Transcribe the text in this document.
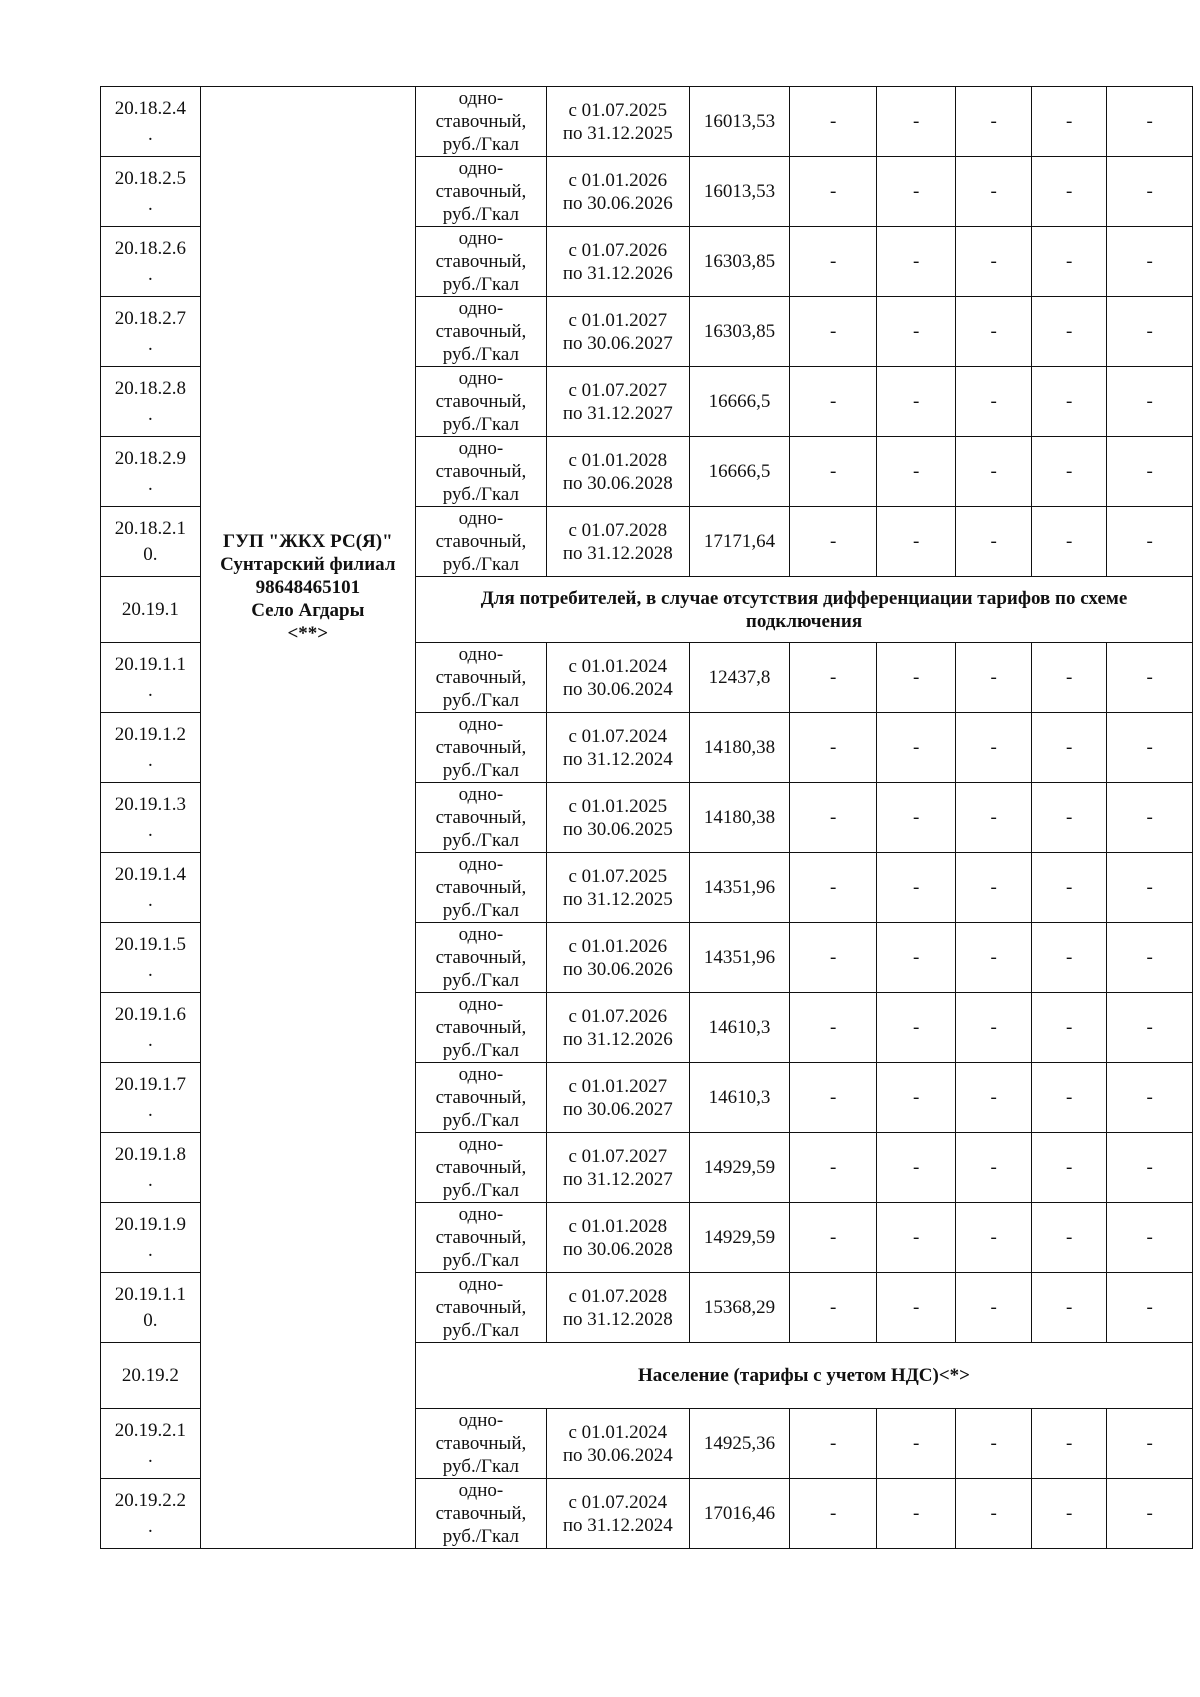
20.18.2.4
.	ГУП "ЖКХ РС(Я)"
Сунтарский филиал
98648465101
Село Агдары
<**>	одно-
ставочный,
руб./Гкал	с 01.07.2025
по 31.12.2025	16013,53	-	-	-	-	-

20.18.2.5
.		одно-
ставочный,
руб./Гкал	с 01.01.2026
по 30.06.2026	16013,53	-	-	-	-	-

20.18.2.6
.		одно-
ставочный,
руб./Гкал	с 01.07.2026
по 31.12.2026	16303,85	-	-	-	-	-

20.18.2.7
.		одно-
ставочный,
руб./Гкал	с 01.01.2027
по 30.06.2027	16303,85	-	-	-	-	-

20.18.2.8
.		одно-
ставочный,
руб./Гкал	с 01.07.2027
по 31.12.2027	16666,5	-	-	-	-	-

20.18.2.9
.		одно-
ставочный,
руб./Гкал	с 01.01.2028
по 30.06.2028	16666,5	-	-	-	-	-

20.18.2.1
0.		одно-
ставочный,
руб./Гкал	с 01.07.2028
по 31.12.2028	17171,64	-	-	-	-	-

20.19.1		Для потребителей, в случае отсутствия дифференциации тарифов по схеме
подключения							

20.19.1.1
.		одно-
ставочный,
руб./Гкал	с 01.01.2024
по 30.06.2024	12437,8	-	-	-	-	-

20.19.1.2
.		одно-
ставочный,
руб./Гкал	с 01.07.2024
по 31.12.2024	14180,38	-	-	-	-	-

20.19.1.3
.		одно-
ставочный,
руб./Гкал	с 01.01.2025
по 30.06.2025	14180,38	-	-	-	-	-

20.19.1.4
.		одно-
ставочный,
руб./Гкал	с 01.07.2025
по 31.12.2025	14351,96	-	-	-	-	-

20.19.1.5
.		одно-
ставочный,
руб./Гкал	с 01.01.2026
по 30.06.2026	14351,96	-	-	-	-	-

20.19.1.6
.		одно-
ставочный,
руб./Гкал	с 01.07.2026
по 31.12.2026	14610,3	-	-	-	-	-

20.19.1.7
.		одно-
ставочный,
руб./Гкал	с 01.01.2027
по 30.06.2027	14610,3	-	-	-	-	-

20.19.1.8
.		одно-
ставочный,
руб./Гкал	с 01.07.2027
по 31.12.2027	14929,59	-	-	-	-	-

20.19.1.9
.		одно-
ставочный,
руб./Гкал	с 01.01.2028
по 30.06.2028	14929,59	-	-	-	-	-

20.19.1.1
0.		одно-
ставочный,
руб./Гкал	с 01.07.2028
по 31.12.2028	15368,29	-	-	-	-	-

20.19.2		Население (тарифы с учетом НДС)<*>							

20.19.2.1
.		одно-
ставочный,
руб./Гкал	с 01.01.2024
по 30.06.2024	14925,36	-	-	-	-	-

20.19.2.2
.		одно-
ставочный,
руб./Гкал	с 01.07.2024
по 31.12.2024	17016,46	-	-	-	-	-
